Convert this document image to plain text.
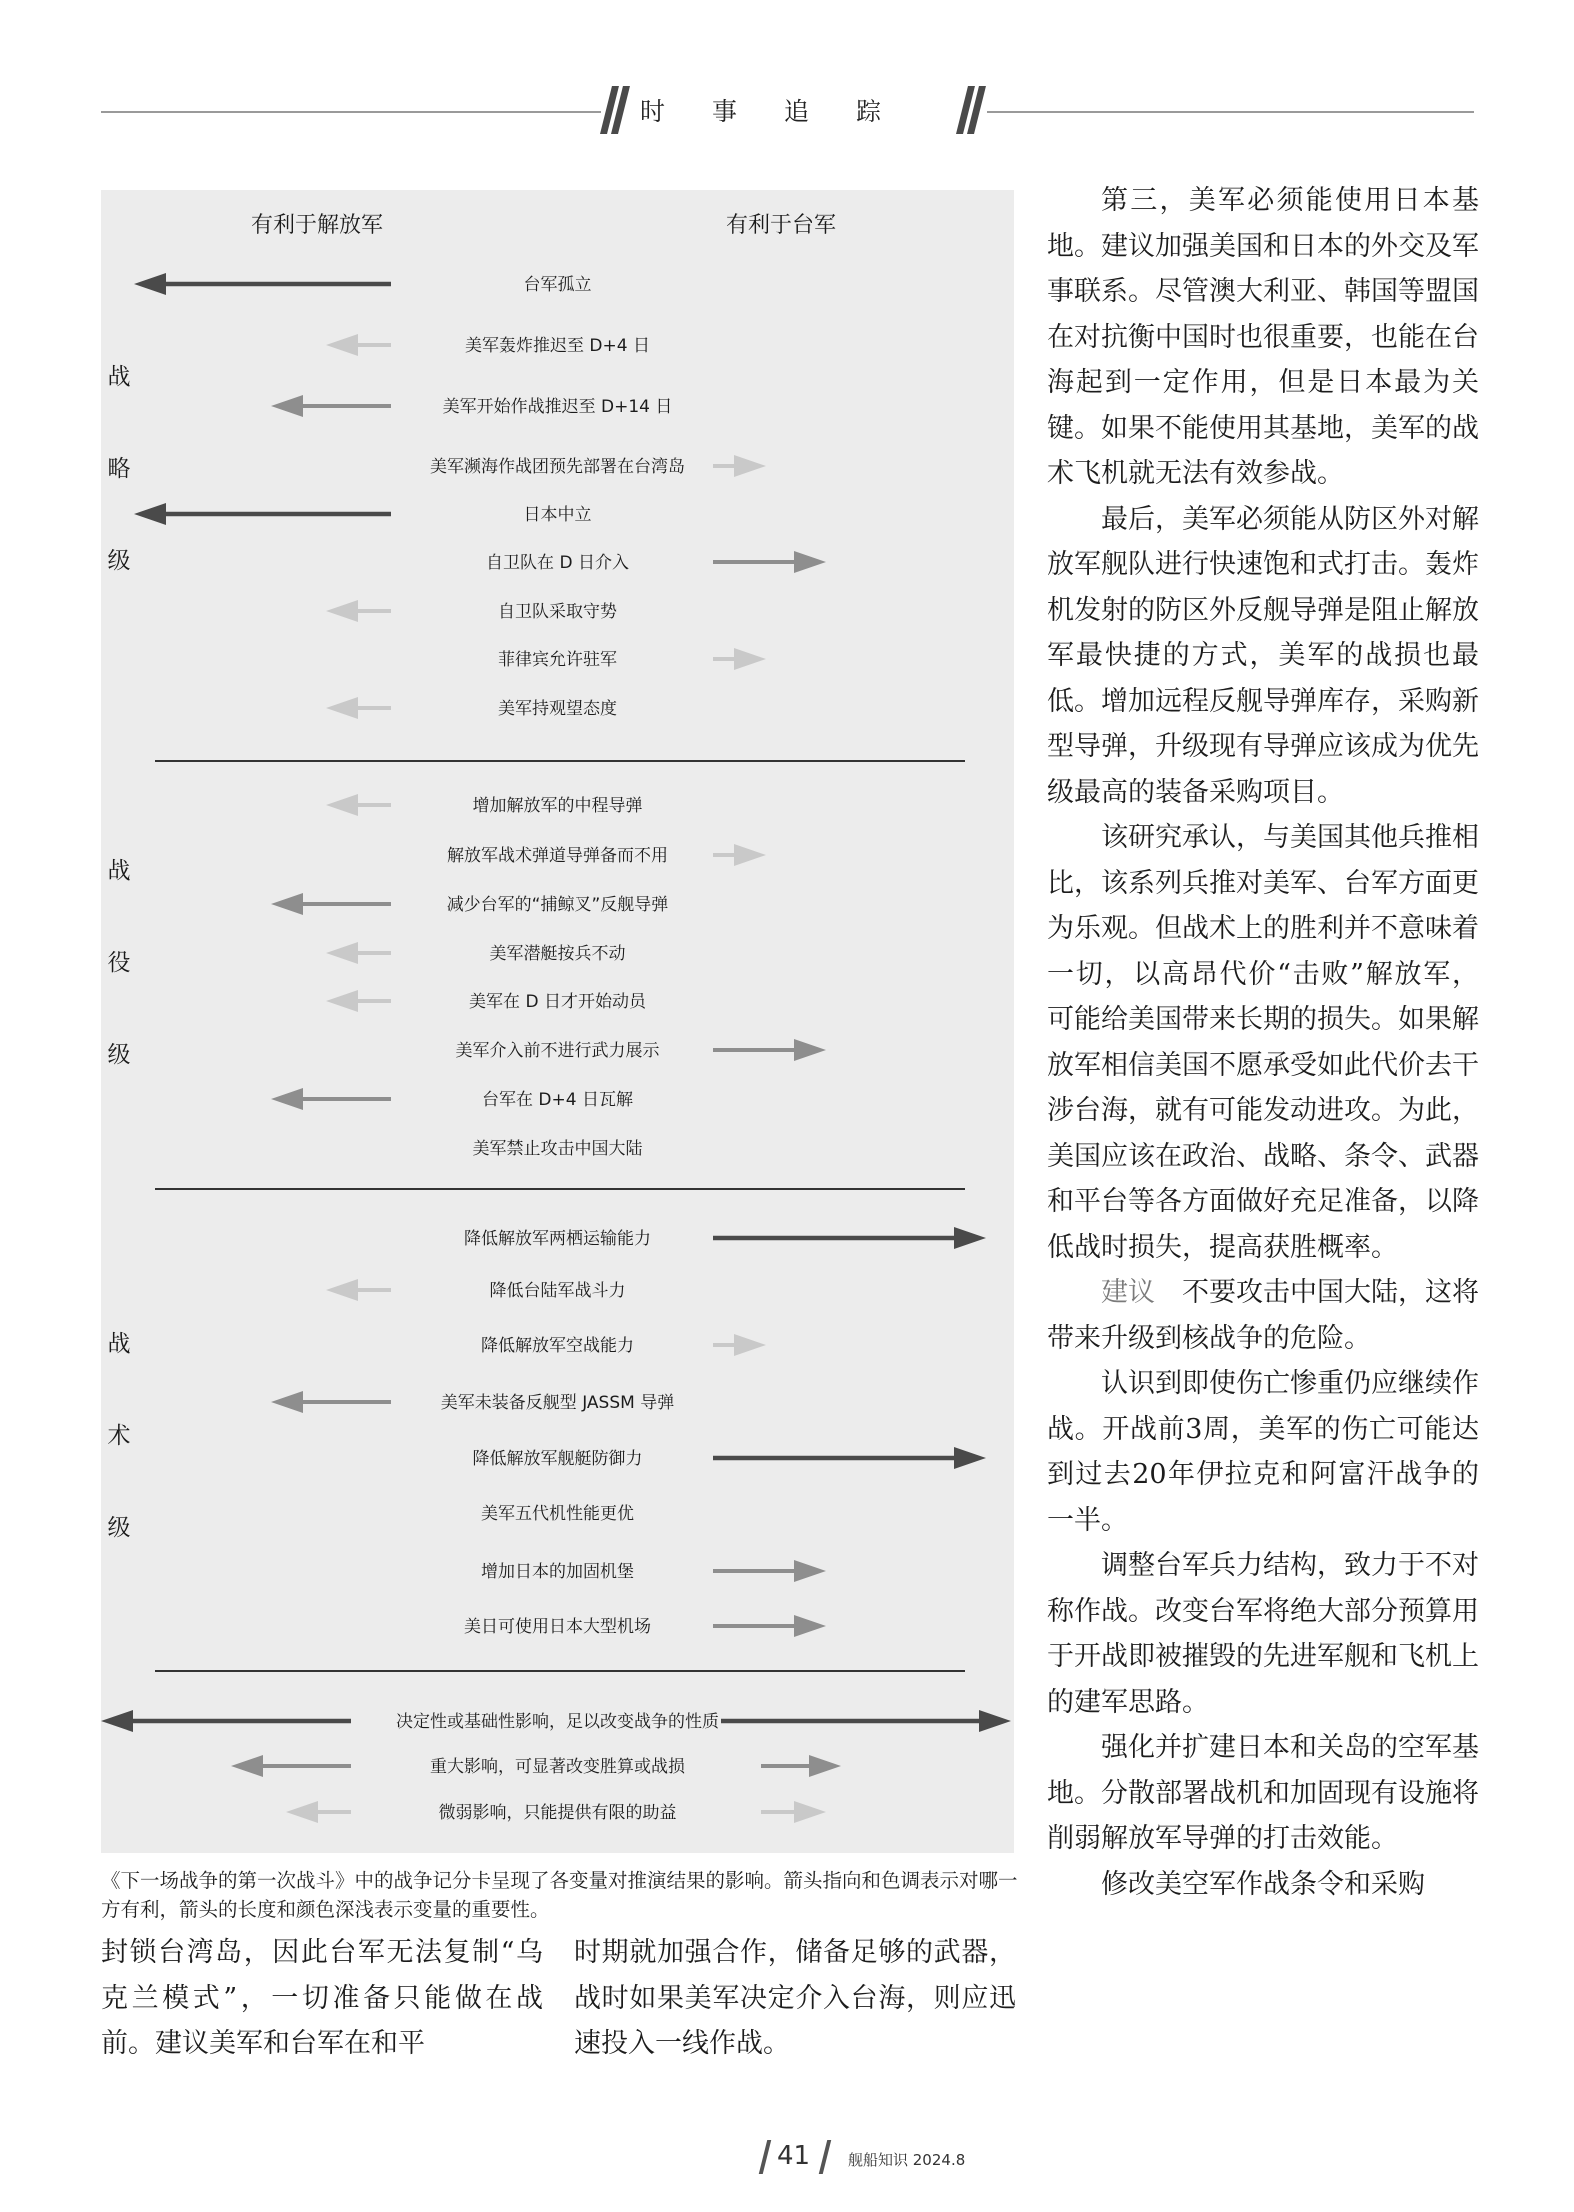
时事追踪
有利于解放军	有利于台军
战
略
级
战
役
级
战
术
级
台军孤立
美军轰炸推迟至 D+4 日
美军开始作战推迟至 D+14 日
美军濒海作战团预先部署在台湾岛
日本中立
自卫队在 D 日介入
自卫队采取守势
菲律宾允许驻军
美军持观望态度
增加解放军的中程导弹
解放军战术弹道导弹备而不用
减少台军的“捕鲸叉”反舰导弹
美军潜艇按兵不动
美军在 D 日才开始动员
美军介入前不进行武力展示
台军在 D+4 日瓦解
美军禁止攻击中国大陆
降低解放军两栖运输能力
降低台陆军战斗力
降低解放军空战能力
美军未装备反舰型 JASSM 导弹
降低解放军舰艇防御力
美军五代机性能更优
增加日本的加固机堡
美日可使用日本大型机场
决定性或基础性影响，足以改变战争的性质
重大影响，可显著改变胜算或战损
微弱影响，只能提供有限的助益
《下一场战争的第一次战斗》中的战争记分卡呈现了各变量对推演结果的影响。箭头指向和色调表示对哪一方有利，箭头的长度和颜色深浅表示变量的重要性。

封锁台湾岛，因此台军无法复制“乌克兰模式”，一切准备只能做在战前。建议美军和台军在和平

时期就加强合作，储备足够的武器，战时如果美军决定介入台海，则应迅速投入一线作战。

第三，美军必须能使用日本基地。建议加强美国和日本的外交及军事联系。尽管澳大利亚、韩国等盟国在对抗衡中国时也很重要，也能在台海起到一定作用，但是日本最为关键。如果不能使用其基地，美军的战术飞机就无法有效参战。

最后，美军必须能从防区外对解放军舰队进行快速饱和式打击。轰炸机发射的防区外反舰导弹是阻止解放军最快捷的方式，美军的战损也最低。增加远程反舰导弹库存，采购新型导弹，升级现有导弹应该成为优先级最高的装备采购项目。

该研究承认，与美国其他兵推相比，该系列兵推对美军、台军方面更为乐观。但战术上的胜利并不意味着一切，以高昂代价“击败”解放军，可能给美国带来长期的损失。如果解放军相信美国不愿承受如此代价去干涉台海，就有可能发动进攻。为此，美国应该在政治、战略、条令、武器和平台等各方面做好充足准备，以降低战时损失，提高获胜概率。

建议　 不要攻击中国大陆，这将带来升级到核战争的危险。

认识到即使伤亡惨重仍应继续作战。开战前3周，美军的伤亡可能达到过去20年伊拉克和阿富汗战争的一半。

调整台军兵力结构，致力于不对称作战。改变台军将绝大部分预算用于开战即被摧毁的先进军舰和飞机上的建军思路。

强化并扩建日本和关岛的空军基地。分散部署战机和加固现有设施将削弱解放军导弹的打击效能。

修改美空军作战条令和采购

41	舰船知识 2024.8
